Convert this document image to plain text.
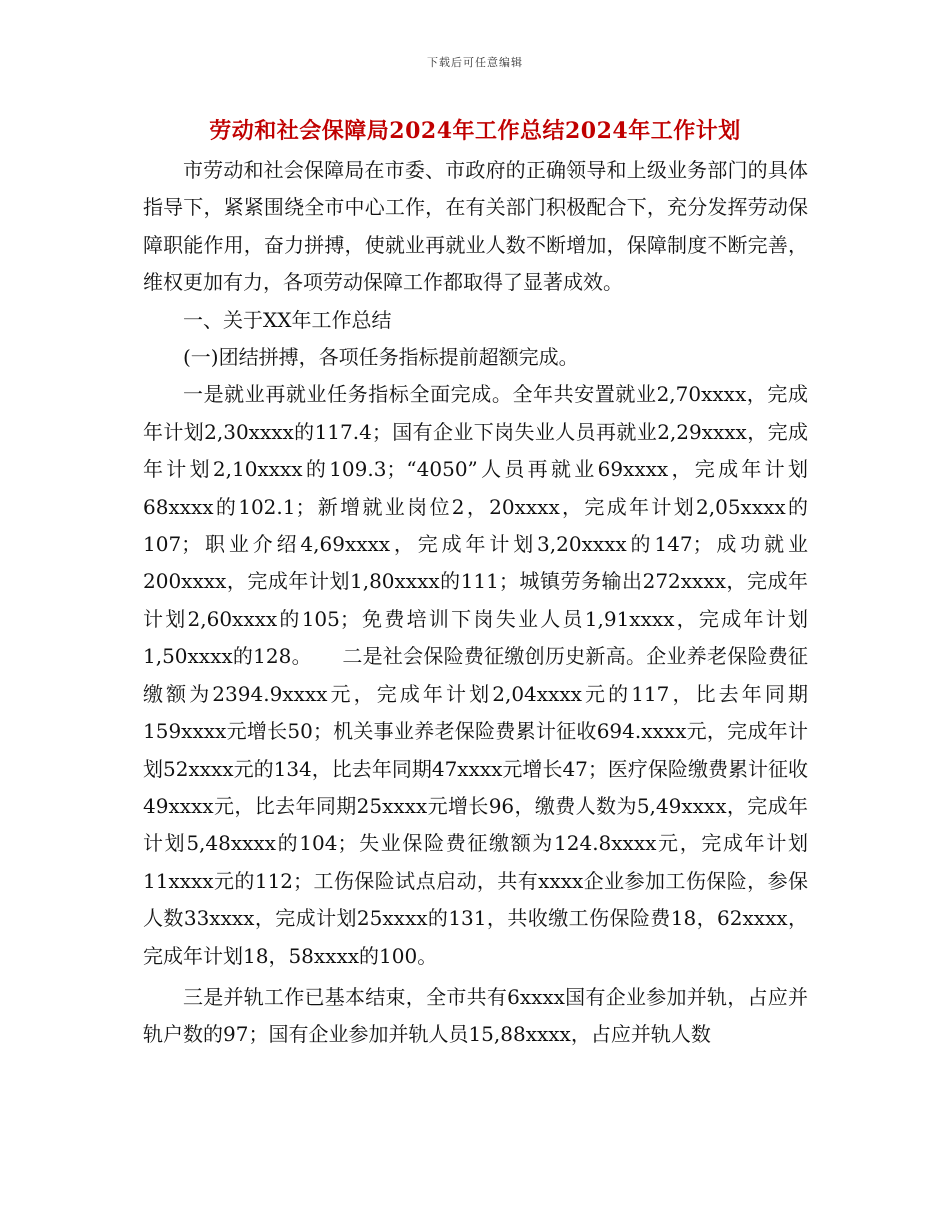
下载后可任意编辑
劳动和社会保障局2024年工作总结2024年工作计划

市劳动和社会保障局在市委、市政府的正确领导和上级业务部门的具体指导下，紧紧围绕全市中心工作，在有关部门积极配合下，充分发挥劳动保障职能作用，奋力拼搏，使就业再就业人数不断增加，保障制度不断完善，维权更加有力，各项劳动保障工作都取得了显著成效。

一、关于XX年工作总结

(一)团结拼搏，各项任务指标提前超额完成。

一是就业再就业任务指标全面完成。全年共安置就业2,70xxxx，完成年计划2,30xxxx的117.4；国有企业下岗失业人员再就业2,29xxxx，完成年计划2,10xxxx的109.3；“4050”人员再就业69xxxx，完成年计划68xxxx的102.1；新增就业岗位2，20xxxx，完成年计划2,05xxxx的　　107；职业介绍4,69xxxx，完成年计划3,20xxxx的147；成功就业200xxxx，完成年计划1,80xxxx的111；城镇劳务输出272xxxx，完成年计划2,60xxxx的105；免费培训下岗失业人员1,91xxxx，完成年计划1,50xxxx的128。　　二是社会保险费征缴创历史新高。企业养老保险费征缴额为2394.9xxxx元，完成年计划2,04xxxx元的117，比去年同期159xxxx元增长50；机关事业养老保险费累计征收694.xxxx元，完成年计划52xxxx元的134，比去年同期47xxxx元增长47；医疗保险缴费累计征收49xxxx元，比去年同期25xxxx元增长96，缴费人数为5,49xxxx，完成年计划5,48xxxx的104；失业保险费征缴额为124.8xxxx元，完成年计划11xxxx元的112；工伤保险试点启动，共有xxxx企业参加工伤保险，参保人数33xxxx，完成计划25xxxx的131，共收缴工伤保险费18，62xxxx，完成年计划18，58xxxx的100。

三是并轨工作已基本结束，全市共有6xxxx国有企业参加并轨，占应并轨户数的97；国有企业参加并轨人员15,88xxxx，占应并轨人数
